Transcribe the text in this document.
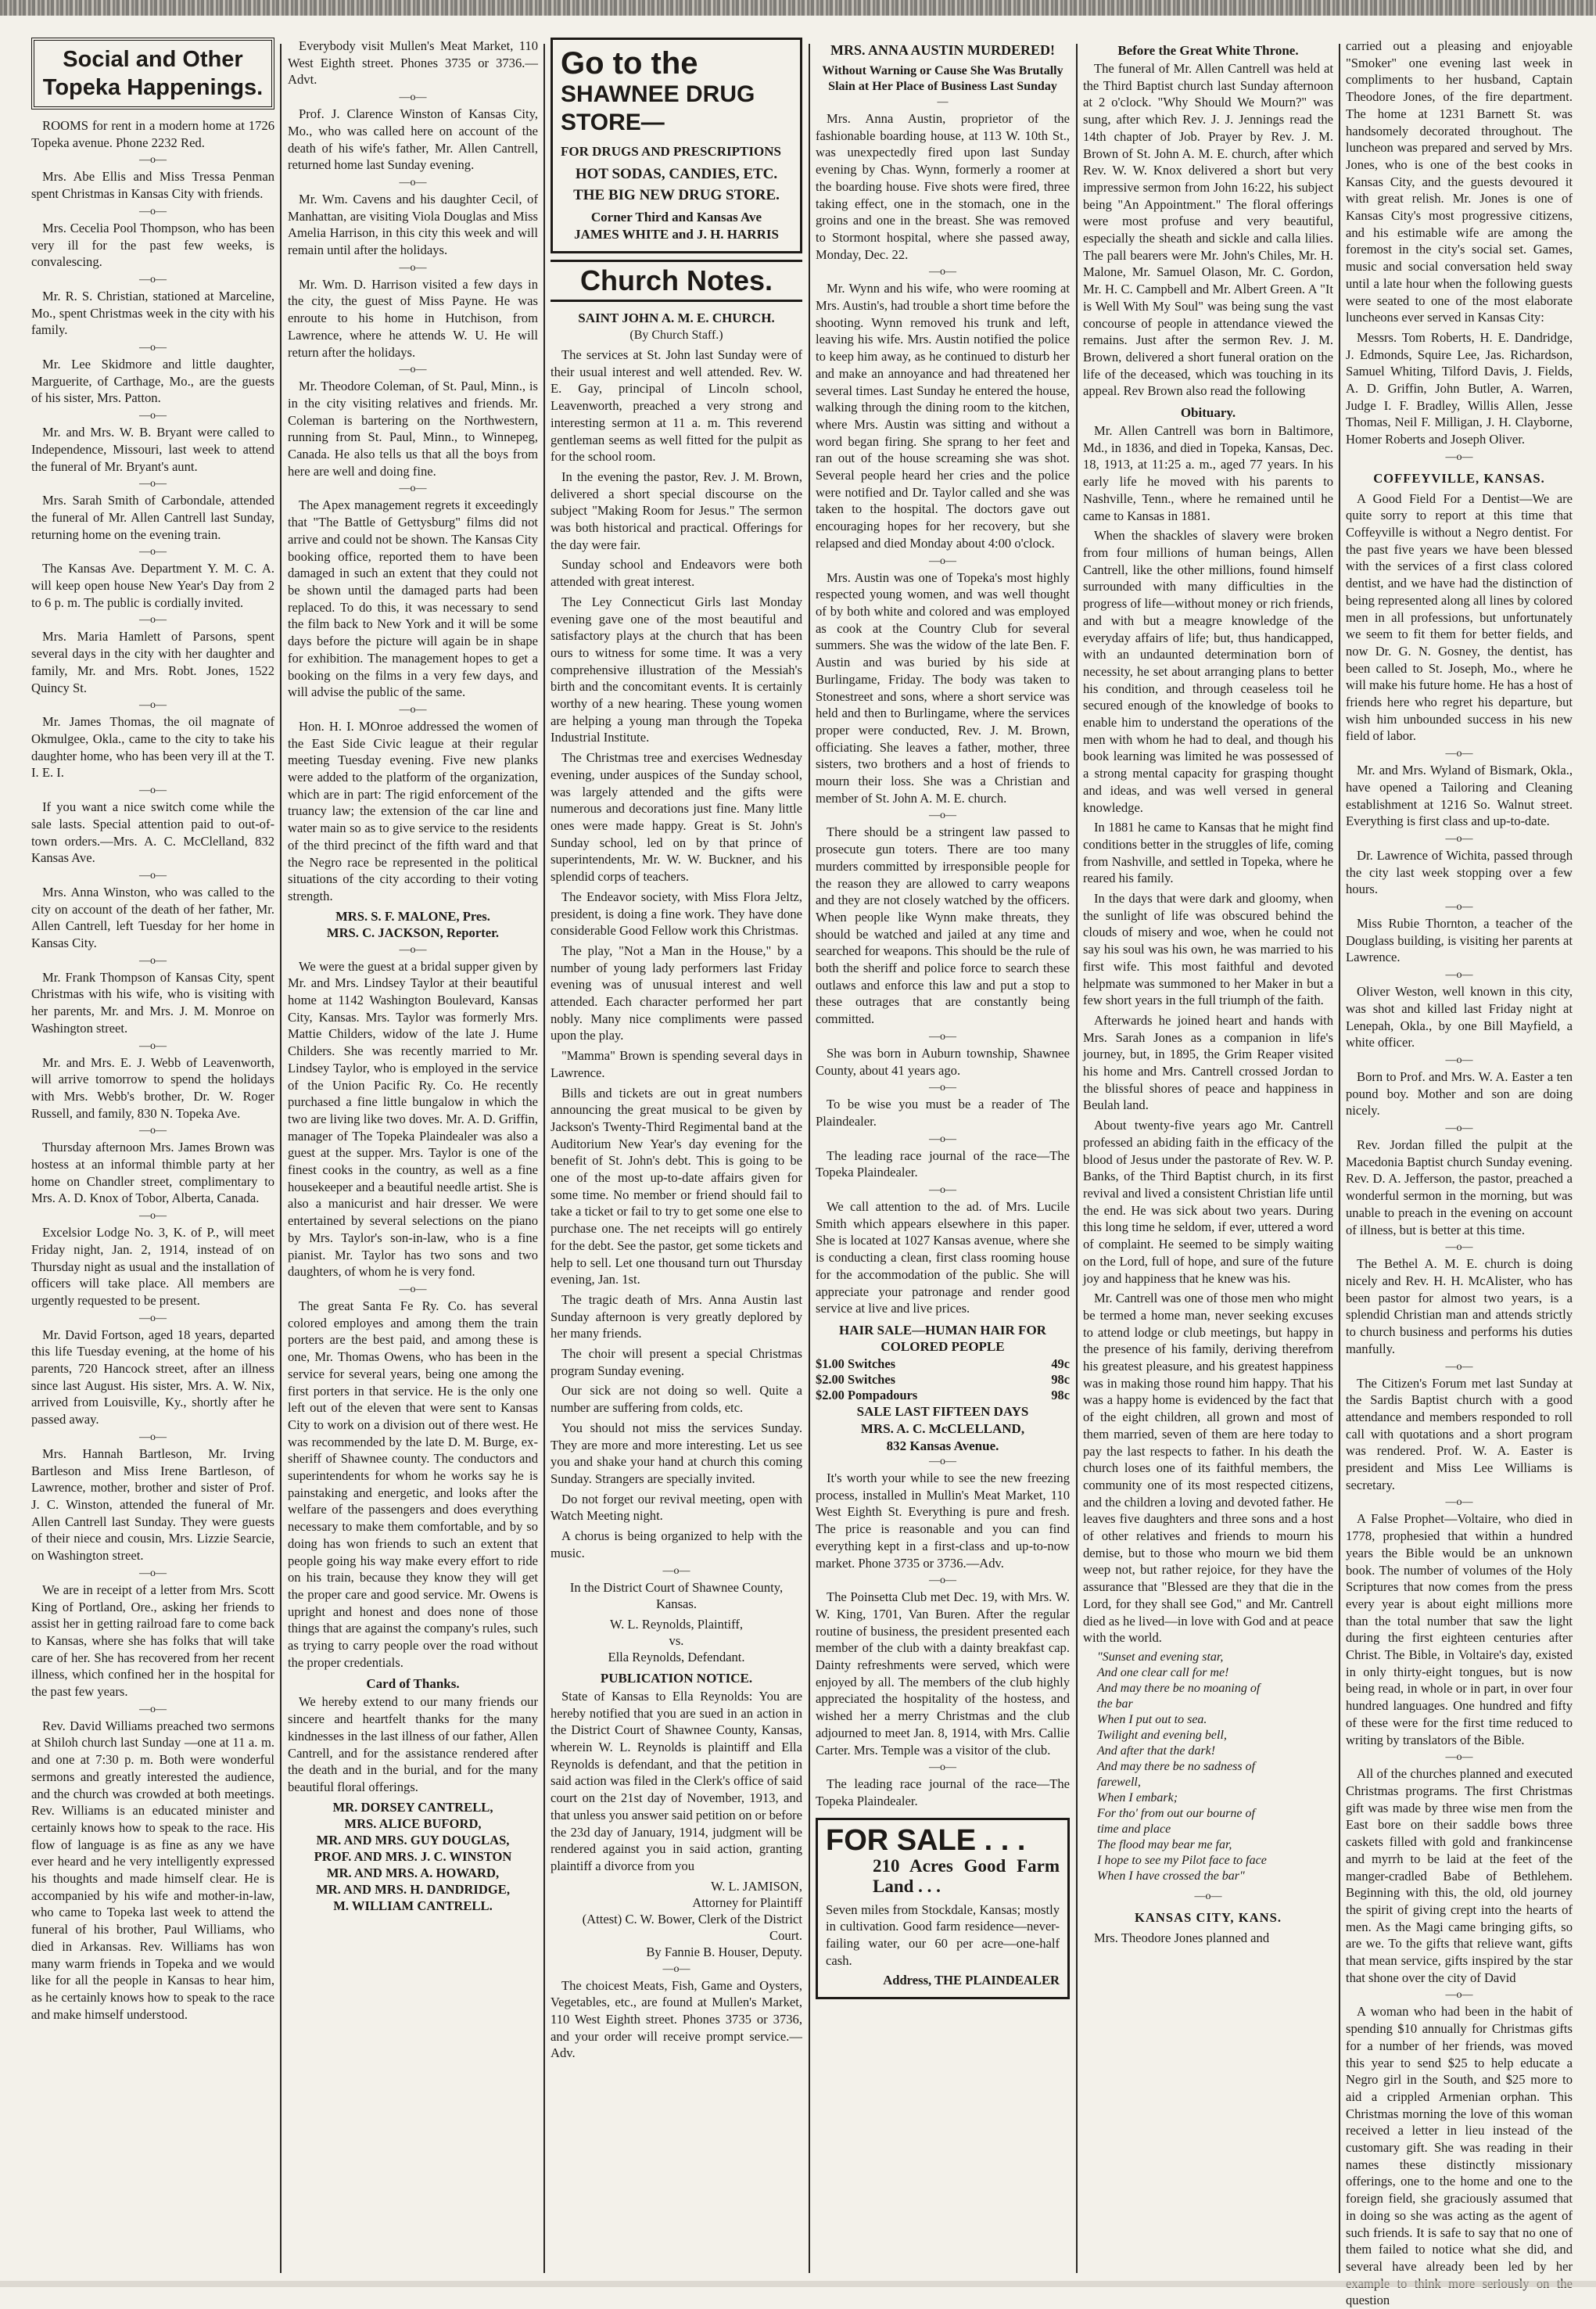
Social and Other Topeka Happenings.

ROOMS for rent in a modern home at 1726 Topeka avenue. Phone 2232 Red.

—o—

Mrs. Abe Ellis and Miss Tressa Penman spent Christmas in Kansas City with friends.

—o—

Mrs. Cecelia Pool Thompson, who has been very ill for the past few weeks, is convalescing.

—o—

Mr. R. S. Christian, stationed at Marceline, Mo., spent Christmas week in the city with his family.

—o—

Mr. Lee Skidmore and little daughter, Marguerite, of Carthage, Mo., are the guests of his sister, Mrs. Patton.

—o—

Mr. and Mrs. W. B. Bryant were called to Independence, Missouri, last week to attend the funeral of Mr. Bryant's aunt.

—o—

Mrs. Sarah Smith of Carbondale, attended the funeral of Mr. Allen Cantrell last Sunday, returning home on the evening train.

—o—

The Kansas Ave. Department Y. M. C. A. will keep open house New Year's Day from 2 to 6 p. m. The public is cordially invited.

—o—

Mrs. Maria Hamlett of Parsons, spent several days in the city with her daughter and family, Mr. and Mrs. Robt. Jones, 1522 Quincy St.

—o—

Mr. James Thomas, the oil magnate of Okmulgee, Okla., came to the city to take his daughter home, who has been very ill at the T. I. E. I.

—o—

If you want a nice switch come while the sale lasts. Special attention paid to out-of-town orders.—Mrs. A. C. McClelland, 832 Kansas Ave.

—o—

Mrs. Anna Winston, who was called to the city on account of the death of her father, Mr. Allen Cantrell, left Tuesday for her home in Kansas City.

—o—

Mr. Frank Thompson of Kansas City, spent Christmas with his wife, who is visiting with her parents, Mr. and Mrs. J. M. Monroe on Washington street.

—o—

Mr. and Mrs. E. J. Webb of Leavenworth, will arrive tomorrow to spend the holidays with Mrs. Webb's brother, Dr. W. Roger Russell, and family, 830 N. Topeka Ave.

—o—

Thursday afternoon Mrs. James Brown was hostess at an informal thimble party at her home on Chandler street, complimentary to Mrs. A. D. Knox of Tobor, Alberta, Canada.

—o—

Excelsior Lodge No. 3, K. of P., will meet Friday night, Jan. 2, 1914, instead of on Thursday night as usual and the installation of officers will take place. All members are urgently requested to be present.

—o—

Mr. David Fortson, aged 18 years, departed this life Tuesday evening, at the home of his parents, 720 Hancock street, after an illness since last August. His sister, Mrs. A. W. Nix, arrived from Louisville, Ky., shortly after he passed away.

—o—

Mrs. Hannah Bartleson, Mr. Irving Bartleson and Miss Irene Bartleson, of Lawrence, mother, brother and sister of Prof. J. C. Winston, attended the funeral of Mr. Allen Cantrell last Sunday. They were guests of their niece and cousin, Mrs. Lizzie Searcie, on Washington street.

—o—

We are in receipt of a letter from Mrs. Scott King of Portland, Ore., asking her friends to assist her in getting railroad fare to come back to Kansas, where she has folks that will take care of her. She has recovered from her recent illness, which confined her in the hospital for the past few years.

—o—

Rev. David Williams preached two sermons at Shiloh church last Sunday —one at 11 a. m. and one at 7:30 p. m. Both were wonderful sermons and greatly interested the audience, and the church was crowded at both meetings. Rev. Williams is an educated minister and certainly knows how to speak to the race. His flow of language is as fine as any we have ever heard and he very intelligently expressed his thoughts and made himself clear. He is accompanied by his wife and mother-in-law, who came to Topeka last week to attend the funeral of his brother, Paul Williams, who died in Arkansas. Rev. Williams has won many warm friends in Topeka and we would like for all the people in Kansas to hear him, as he certainly knows how to speak to the race and make himself understood.

Everybody visit Mullen's Meat Market, 110 West Eighth street. Phones 3735 or 3736.—Advt.

—o—

Prof. J. Clarence Winston of Kansas City, Mo., who was called here on account of the death of his wife's father, Mr. Allen Cantrell, returned home last Sunday evening.

—o—

Mr. Wm. Cavens and his daughter Cecil, of Manhattan, are visiting Viola Douglas and Miss Amelia Harrison, in this city this week and will remain until after the holidays.

—o—

Mr. Wm. D. Harrison visited a few days in the city, the guest of Miss Payne. He was enroute to his home in Hutchison, from Lawrence, where he attends W. U. He will return after the holidays.

—o—

Mr. Theodore Coleman, of St. Paul, Minn., is in the city visiting relatives and friends. Mr. Coleman is bartering on the Northwestern, running from St. Paul, Minn., to Winnepeg, Canada. He also tells us that all the boys from here are well and doing fine.

—o—

The Apex management regrets it exceedingly that "The Battle of Gettysburg" films did not arrive and could not be shown. The Kansas City booking office, reported them to have been damaged in such an extent that they could not be shown until the damaged parts had been replaced. To do this, it was necessary to send the film back to New York and it will be some days before the picture will again be in shape for exhibition. The management hopes to get a booking on the films in a very few days, and will advise the public of the same.

—o—

Hon. H. I. MOnroe addressed the women of the East Side Civic league at their regular meeting Tuesday evening. Five new planks were added to the platform of the organization, which are in part: The rigid enforcement of the truancy law; the extension of the car line and water main so as to give service to the residents of the third precinct of the fifth ward and that the Negro race be represented in the political situations of the city according to their voting strength.

MRS. S. F. MALONE, Pres.
MRS. C. JACKSON, Reporter.
—o—

We were the guest at a bridal supper given by Mr. and Mrs. Lindsey Taylor at their beautiful home at 1142 Washington Boulevard, Kansas City, Kansas. Mrs. Taylor was formerly Mrs. Mattie Childers, widow of the late J. Hume Childers. She was recently married to Mr. Lindsey Taylor, who is employed in the service of the Union Pacific Ry. Co. He recently purchased a fine little bungalow in which the two are living like two doves. Mr. A. D. Griffin, manager of The Topeka Plaindealer was also a guest at the supper. Mrs. Taylor is one of the finest cooks in the country, as well as a fine housekeeper and a beautiful needle artist. She is also a manicurist and hair dresser. We were entertained by several selections on the piano by Mrs. Taylor's son-in-law, who is a fine pianist. Mr. Taylor has two sons and two daughters, of whom he is very fond.

—o—

The great Santa Fe Ry. Co. has several colored employes and among them the train porters are the best paid, and among these is one, Mr. Thomas Owens, who has been in the service for several years, being one among the first porters in that service. He is the only one left out of the eleven that were sent to Kansas City to work on a division out of there west. He was recommended by the late D. M. Burge, ex-sheriff of Shawnee county. The conductors and superintendents for whom he works say he is painstaking and energetic, and looks after the welfare of the passengers and does everything necessary to make them comfortable, and by so doing has won friends to such an extent that people going his way make every effort to ride on his train, because they know they will get the proper care and good service. Mr. Owens is upright and honest and does none of those things that are against the company's rules, such as trying to carry people over the road without the proper credentials.

Card of Thanks.

We hereby extend to our many friends our sincere and heartfelt thanks for the many kindnesses in the last illness of our father, Allen Cantrell, and for the assistance rendered after the death and in the burial, and for the many beautiful floral offerings.

MR. DORSEY CANTRELL,
MRS. ALICE BUFORD,
MR. AND MRS. GUY DOUGLAS,
PROF. AND MRS. J. C. WINSTON
MR. AND MRS. A. HOWARD,
MR. AND MRS. H. DANDRIDGE,
M. WILLIAM CANTRELL.
Go to the
SHAWNEE DRUG
STORE—
FOR DRUGS AND PRESCRIPTIONS
HOT SODAS, CANDIES, ETC.
THE BIG NEW DRUG STORE.
Corner Third and Kansas Ave
JAMES WHITE and J. H. HARRIS
Church Notes.
SAINT JOHN A. M. E. CHURCH.
(By Church Staff.)

The services at St. John last Sunday were of their usual interest and well attended. Rev. W. E. Gay, principal of Lincoln school, Leavenworth, preached a very strong and interesting sermon at 11 a. m. This reverend gentleman seems as well fitted for the pulpit as for the school room.

In the evening the pastor, Rev. J. M. Brown, delivered a short special discourse on the subject "Making Room for Jesus." The sermon was both historical and practical. Offerings for the day were fair.

Sunday school and Endeavors were both attended with great interest.

The Ley Connecticut Girls last Monday evening gave one of the most beautiful and satisfactory plays at the church that has been ours to witness for some time. It was a very comprehensive illustration of the Messiah's birth and the concomitant events. It is certainly worthy of a new hearing. These young women are helping a young man through the Topeka Industrial Institute.

The Christmas tree and exercises Wednesday evening, under auspices of the Sunday school, was largely attended and the gifts were numerous and decorations just fine. Many little ones were made happy. Great is St. John's Sunday school, led on by that prince of superintendents, Mr. W. W. Buckner, and his splendid corps of teachers.

The Endeavor society, with Miss Flora Jeltz, president, is doing a fine work. They have done considerable Good Fellow work this Christmas.

The play, "Not a Man in the House," by a number of young lady performers last Friday evening was of unusual interest and well attended. Each character performed her part nobly. Many nice compliments were passed upon the play.

"Mamma" Brown is spending several days in Lawrence.

Bills and tickets are out in great numbers announcing the great musical to be given by Jackson's Twenty-Third Regimental band at the Auditorium New Year's day evening for the benefit of St. John's debt. This is going to be one of the most up-to-date affairs given for some time. No member or friend should fail to take a ticket or fail to try to get some one else to purchase one. The net receipts will go entirely for the debt. See the pastor, get some tickets and help to sell. Let one thousand turn out Thursday evening, Jan. 1st.

The tragic death of Mrs. Anna Austin last Sunday afternoon is very greatly deplored by her many friends.

The choir will present a special Christmas program Sunday evening.

Our sick are not doing so well. Quite a number are suffering from colds, etc.

You should not miss the services Sunday. They are more and more interesting. Let us see you and shake your hand at church this coming Sunday. Strangers are specially invited.

Do not forget our revival meeting, open with Watch Meeting night.

A chorus is being organized to help with the music.

—o—

In the District Court of Shawnee County, Kansas.

W. L. Reynolds, Plaintiff,
vs.
Ella Reynolds, Defendant.
PUBLICATION NOTICE.

State of Kansas to Ella Reynolds: You are hereby notified that you are sued in an action in the District Court of Shawnee County, Kansas, wherein W. L. Reynolds is plaintiff and Ella Reynolds is defendant, and that the petition in said action was filed in the Clerk's office of said court on the 21st day of November, 1913, and that unless you answer said petition on or before the 23d day of January, 1914, judgment will be rendered against you in said action, granting plaintiff a divorce from you

W. L. JAMISON,
Attorney for Plaintiff
(Attest) C. W. Bower, Clerk of the District Court.
By Fannie B. Houser, Deputy.
—o—

The choicest Meats, Fish, Game and Oysters, Vegetables, etc., are found at Mullen's Market, 110 West Eighth street. Phones 3735 or 3736, and your order will receive prompt service.—Adv.

MRS. ANNA AUSTIN MURDERED!
Without Warning or Cause She Was Brutally Slain at Her Place of Business Last Sunday
—

Mrs. Anna Austin, proprietor of the fashionable boarding house, at 113 W. 10th St., was unexpectedly fired upon last Sunday evening by Chas. Wynn, formerly a roomer at the boarding house. Five shots were fired, three taking effect, one in the stomach, one in the groins and one in the breast. She was removed to Stormont hospital, where she passed away, Monday, Dec. 22.

—o—

Mr. Wynn and his wife, who were rooming at Mrs. Austin's, had trouble a short time before the shooting. Wynn removed his trunk and left, leaving his wife. Mrs. Austin notified the police to keep him away, as he continued to disturb her and make an annoyance and had threatened her several times. Last Sunday he entered the house, walking through the dining room to the kitchen, where Mrs. Austin was sitting and without a word began firing. She sprang to her feet and ran out of the house screaming she was shot. Several people heard her cries and the police were notified and Dr. Taylor called and she was taken to the hospital. The doctors gave out encouraging hopes for her recovery, but she relapsed and died Monday about 4:00 o'clock.

—o—

Mrs. Austin was one of Topeka's most highly respected young women, and was well thought of by both white and colored and was employed as cook at the Country Club for several summers. She was the widow of the late Ben. F. Austin and was buried by his side at Burlingame, Friday. The body was taken to Stonestreet and sons, where a short service was held and then to Burlingame, where the services proper were conducted, Rev. J. M. Brown, officiating. She leaves a father, mother, three sisters, two brothers and a host of friends to mourn their loss. She was a Christian and member of St. John A. M. E. church.

—o—

There should be a stringent law passed to prosecute gun toters. There are too many murders committed by irresponsible people for the reason they are allowed to carry weapons and they are not closely watched by the officers. When people like Wynn make threats, they should be watched and jailed at any time and searched for weapons. This should be the rule of both the sheriff and police force to search these outlaws and enforce this law and put a stop to these outrages that are constantly being committed.

—o—

She was born in Auburn township, Shawnee County, about 41 years ago.

—o—

To be wise you must be a reader of The Plaindealer.

—o—

The leading race journal of the race—The Topeka Plaindealer.

—o—

We call attention to the ad. of Mrs. Lucile Smith which appears elsewhere in this paper. She is located at 1027 Kansas avenue, where she is conducting a clean, first class rooming house for the accommodation of the public. She will appreciate your patronage and render good service at live and live prices.

HAIR SALE—HUMAN HAIR FOR COLORED PEOPLE
$1.00 Switches	49c
$2.00 Switches	98c
$2.00 Pompadours	98c
SALE LAST FIFTEEN DAYS
MRS. A. C. McCLELLAND,
832 Kansas Avenue.
—o—

It's worth your while to see the new freezing process, installed in Mullin's Meat Market, 110 West Eighth St. Everything is pure and fresh. The price is reasonable and you can find everything kept in a first-class and up-to-now market. Phone 3735 or 3736.—Adv.

—o—

The Poinsetta Club met Dec. 19, with Mrs. W. W. King, 1701, Van Buren. After the regular routine of business, the president presented each member of the club with a dainty breakfast cap. Dainty refreshments were served, which were enjoyed by all. The members of the club highly appreciated the hospitality of the hostess, and wished her a merry Christmas and the club adjourned to meet Jan. 8, 1914, with Mrs. Callie Carter. Mrs. Temple was a visitor of the club.

—o—

The leading race journal of the race—The Topeka Plaindealer.

FOR SALE . . .
210 Acres Good Farm Land . . .

Seven miles from Stockdale, Kansas; mostly in cultivation. Good farm residence—never-failing water, our 60 per acre—one-half cash.

Address, THE PLAINDEALER

Before the Great White Throne.

The funeral of Mr. Allen Cantrell was held at the Third Baptist church last Sunday afternoon at 2 o'clock. "Why Should We Mourn?" was sung, after which Rev. J. J. Jennings read the 14th chapter of Job. Prayer by Rev. J. M. Brown of St. John A. M. E. church, after which Rev. W. W. Knox delivered a short but very impressive sermon from John 16:22, his subject being "An Appointment." The floral offerings were most profuse and very beautiful, especially the sheath and sickle and calla lilies. The pall bearers were Mr. John's Chiles, Mr. H. Malone, Mr. Samuel Olason, Mr. C. Gordon, Mr. H. C. Campbell and Mr. Albert Green. A "It is Well With My Soul" was being sung the vast concourse of people in attendance viewed the remains. Just after the sermon Rev. J. M. Brown, delivered a short funeral oration on the life of the deceased, which was touching in its appeal. Rev Brown also read the following

Obituary.

Mr. Allen Cantrell was born in Baltimore, Md., in 1836, and died in Topeka, Kansas, Dec. 18, 1913, at 11:25 a. m., aged 77 years. In his early life he moved with his parents to Nashville, Tenn., where he remained until he came to Kansas in 1881.

When the shackles of slavery were broken from four millions of human beings, Allen Cantrell, like the other millions, found himself surrounded with many difficulties in the progress of life—without money or rich friends, and with but a meagre knowledge of the everyday affairs of life; but, thus handicapped, with an undaunted determination born of necessity, he set about arranging plans to better his condition, and through ceaseless toil he secured enough of the knowledge of books to enable him to understand the operations of the men with whom he had to deal, and though his book learning was limited he was possessed of a strong mental capacity for grasping thought and ideas, and was well versed in general knowledge.

In 1881 he came to Kansas that he might find conditions better in the struggles of life, coming from Nashville, and settled in Topeka, where he reared his family.

In the days that were dark and gloomy, when the sunlight of life was obscured behind the clouds of misery and woe, when he could not say his soul was his own, he was married to his first wife. This most faithful and devoted helpmate was summoned to her Maker in but a few short years in the full triumph of the faith.

Afterwards he joined heart and hands with Mrs. Sarah Jones as a companion in life's journey, but, in 1895, the Grim Reaper visited his home and Mrs. Cantrell crossed Jordan to the blissful shores of peace and happiness in Beulah land.

About twenty-five years ago Mr. Cantrell professed an abiding faith in the efficacy of the blood of Jesus under the pastorate of Rev. W. P. Banks, of the Third Baptist church, in its first revival and lived a consistent Christian life until the end. He was sick about two years. During this long time he seldom, if ever, uttered a word of complaint. He seemed to be simply waiting on the Lord, full of hope, and sure of the future joy and happiness that he knew was his.

Mr. Cantrell was one of those men who might be termed a home man, never seeking excuses to attend lodge or club meetings, but happy in the presence of his family, deriving therefrom his greatest pleasure, and his greatest happiness was in making those round him happy. That his was a happy home is evidenced by the fact that of the eight children, all grown and most of them married, seven of them are here today to pay the last respects to father. In his death the church loses one of its faithful members, the community one of its most respected citizens, and the children a loving and devoted father. He leaves five daughters and three sons and a host of other relatives and friends to mourn his demise, but to those who mourn we bid them weep not, but rather rejoice, for they have the assurance that "Blessed are they that die in the Lord, for they shall see God," and Mr. Cantrell died as he lived—in love with God and at peace with the world.

"Sunset and evening star,
And one clear call for me!
And may there be no moaning of
the bar
When I put out to sea.
Twilight and evening bell,
And after that the dark!
And may there be no sadness of
farewell,
When I embark;
For tho' from out our bourne of
time and place
The flood may bear me far,
I hope to see my Pilot face to face
When I have crossed the bar"
—o—
KANSAS CITY, KANS.

Mrs. Theodore Jones planned and

carried out a pleasing and enjoyable "Smoker" one evening last week in compliments to her husband, Captain Theodore Jones, of the fire department. The home at 1231 Barnett St. was handsomely decorated throughout. The luncheon was prepared and served by Mrs. Jones, who is one of the best cooks in Kansas City, and the guests devoured it with great relish. Mr. Jones is one of Kansas City's most progressive citizens, and his estimable wife are among the foremost in the city's social set. Games, music and social conversation held sway until a late hour when the following guests were seated to one of the most elaborate luncheons ever served in Kansas City:

Messrs. Tom Roberts, H. E. Dandridge, J. Edmonds, Squire Lee, Jas. Richardson, Samuel Whiting, Tilford Davis, J. Fields, A. D. Griffin, John Butler, A. Warren, Judge I. F. Bradley, Willis Allen, Jesse Thomas, Neil F. Milligan, J. H. Clayborne, Homer Roberts and Joseph Oliver.

—o—
COFFEYVILLE, KANSAS.

A Good Field For a Dentist—We are quite sorry to report at this time that Coffeyville is without a Negro dentist. For the past five years we have been blessed with the services of a first class colored dentist, and we have had the distinction of being represented along all lines by colored men in all professions, but unfortunately we seem to fit them for better fields, and now Dr. G. N. Gosney, the dentist, has been called to St. Joseph, Mo., where he will make his future home. He has a host of friends here who regret his departure, but wish him unbounded success in his new field of labor.

—o—

Mr. and Mrs. Wyland of Bismark, Okla., have opened a Tailoring and Cleaning establishment at 1216 So. Walnut street. Everything is first class and up-to-date.

—o—

Dr. Lawrence of Wichita, passed through the city last week stopping over a few hours.

—o—

Miss Rubie Thornton, a teacher of the Douglass building, is visiting her parents at Lawrence.

—o—

Oliver Weston, well known in this city, was shot and killed last Friday night at Lenepah, Okla., by one Bill Mayfield, a white officer.

—o—

Born to Prof. and Mrs. W. A. Easter a ten pound boy. Mother and son are doing nicely.

—o—

Rev. Jordan filled the pulpit at the Macedonia Baptist church Sunday evening. Rev. D. A. Jefferson, the pastor, preached a wonderful sermon in the morning, but was unable to preach in the evening on account of illness, but is better at this time.

—o—

The Bethel A. M. E. church is doing nicely and Rev. H. H. McAlister, who has been pastor for almost two years, is a splendid Christian man and attends strictly to church business and performs his duties manfully.

—o—

The Citizen's Forum met last Sunday at the Sardis Baptist church with a good attendance and members responded to roll call with quotations and a short program was rendered. Prof. W. A. Easter is president and Miss Lee Williams is secretary.

—o—

A False Prophet—Voltaire, who died in 1778, prophesied that within a hundred years the Bible would be an unknown book. The number of volumes of the Holy Scriptures that now comes from the press every year is about eight millions more than the total number that saw the light during the first eighteen centuries after Christ. The Bible, in Voltaire's day, existed in only thirty-eight tongues, but is now being read, in whole or in part, in over four hundred languages. One hundred and fifty of these were for the first time reduced to writing by translators of the Bible.

—o—

All of the churches planned and executed Christmas programs. The first Christmas gift was made by three wise men from the East bore on their saddle bows three caskets filled with gold and frankincense and myrrh to be laid at the feet of the manger-cradled Babe of Bethlehem. Beginning with this, the old, old journey the spirit of giving crept into the hearts of men. As the Magi came bringing gifts, so are we. To the gifts that relieve want, gifts that mean service, gifts inspired by the star that shone over the city of David

—o—

A woman who had been in the habit of spending $10 annually for Christmas gifts for a number of her friends, was moved this year to send $25 to help educate a Negro girl in the South, and $25 more to aid a crippled Armenian orphan. This Christmas morning the love of this woman received a letter in lieu instead of the customary gift. She was reading in their names these distinctly missionary offerings, one to the home and one to the foreign field, she graciously assumed that in doing so she was acting as the agent of such friends. It is safe to say that no one of them failed to notice what she did, and several have already been led by her question
